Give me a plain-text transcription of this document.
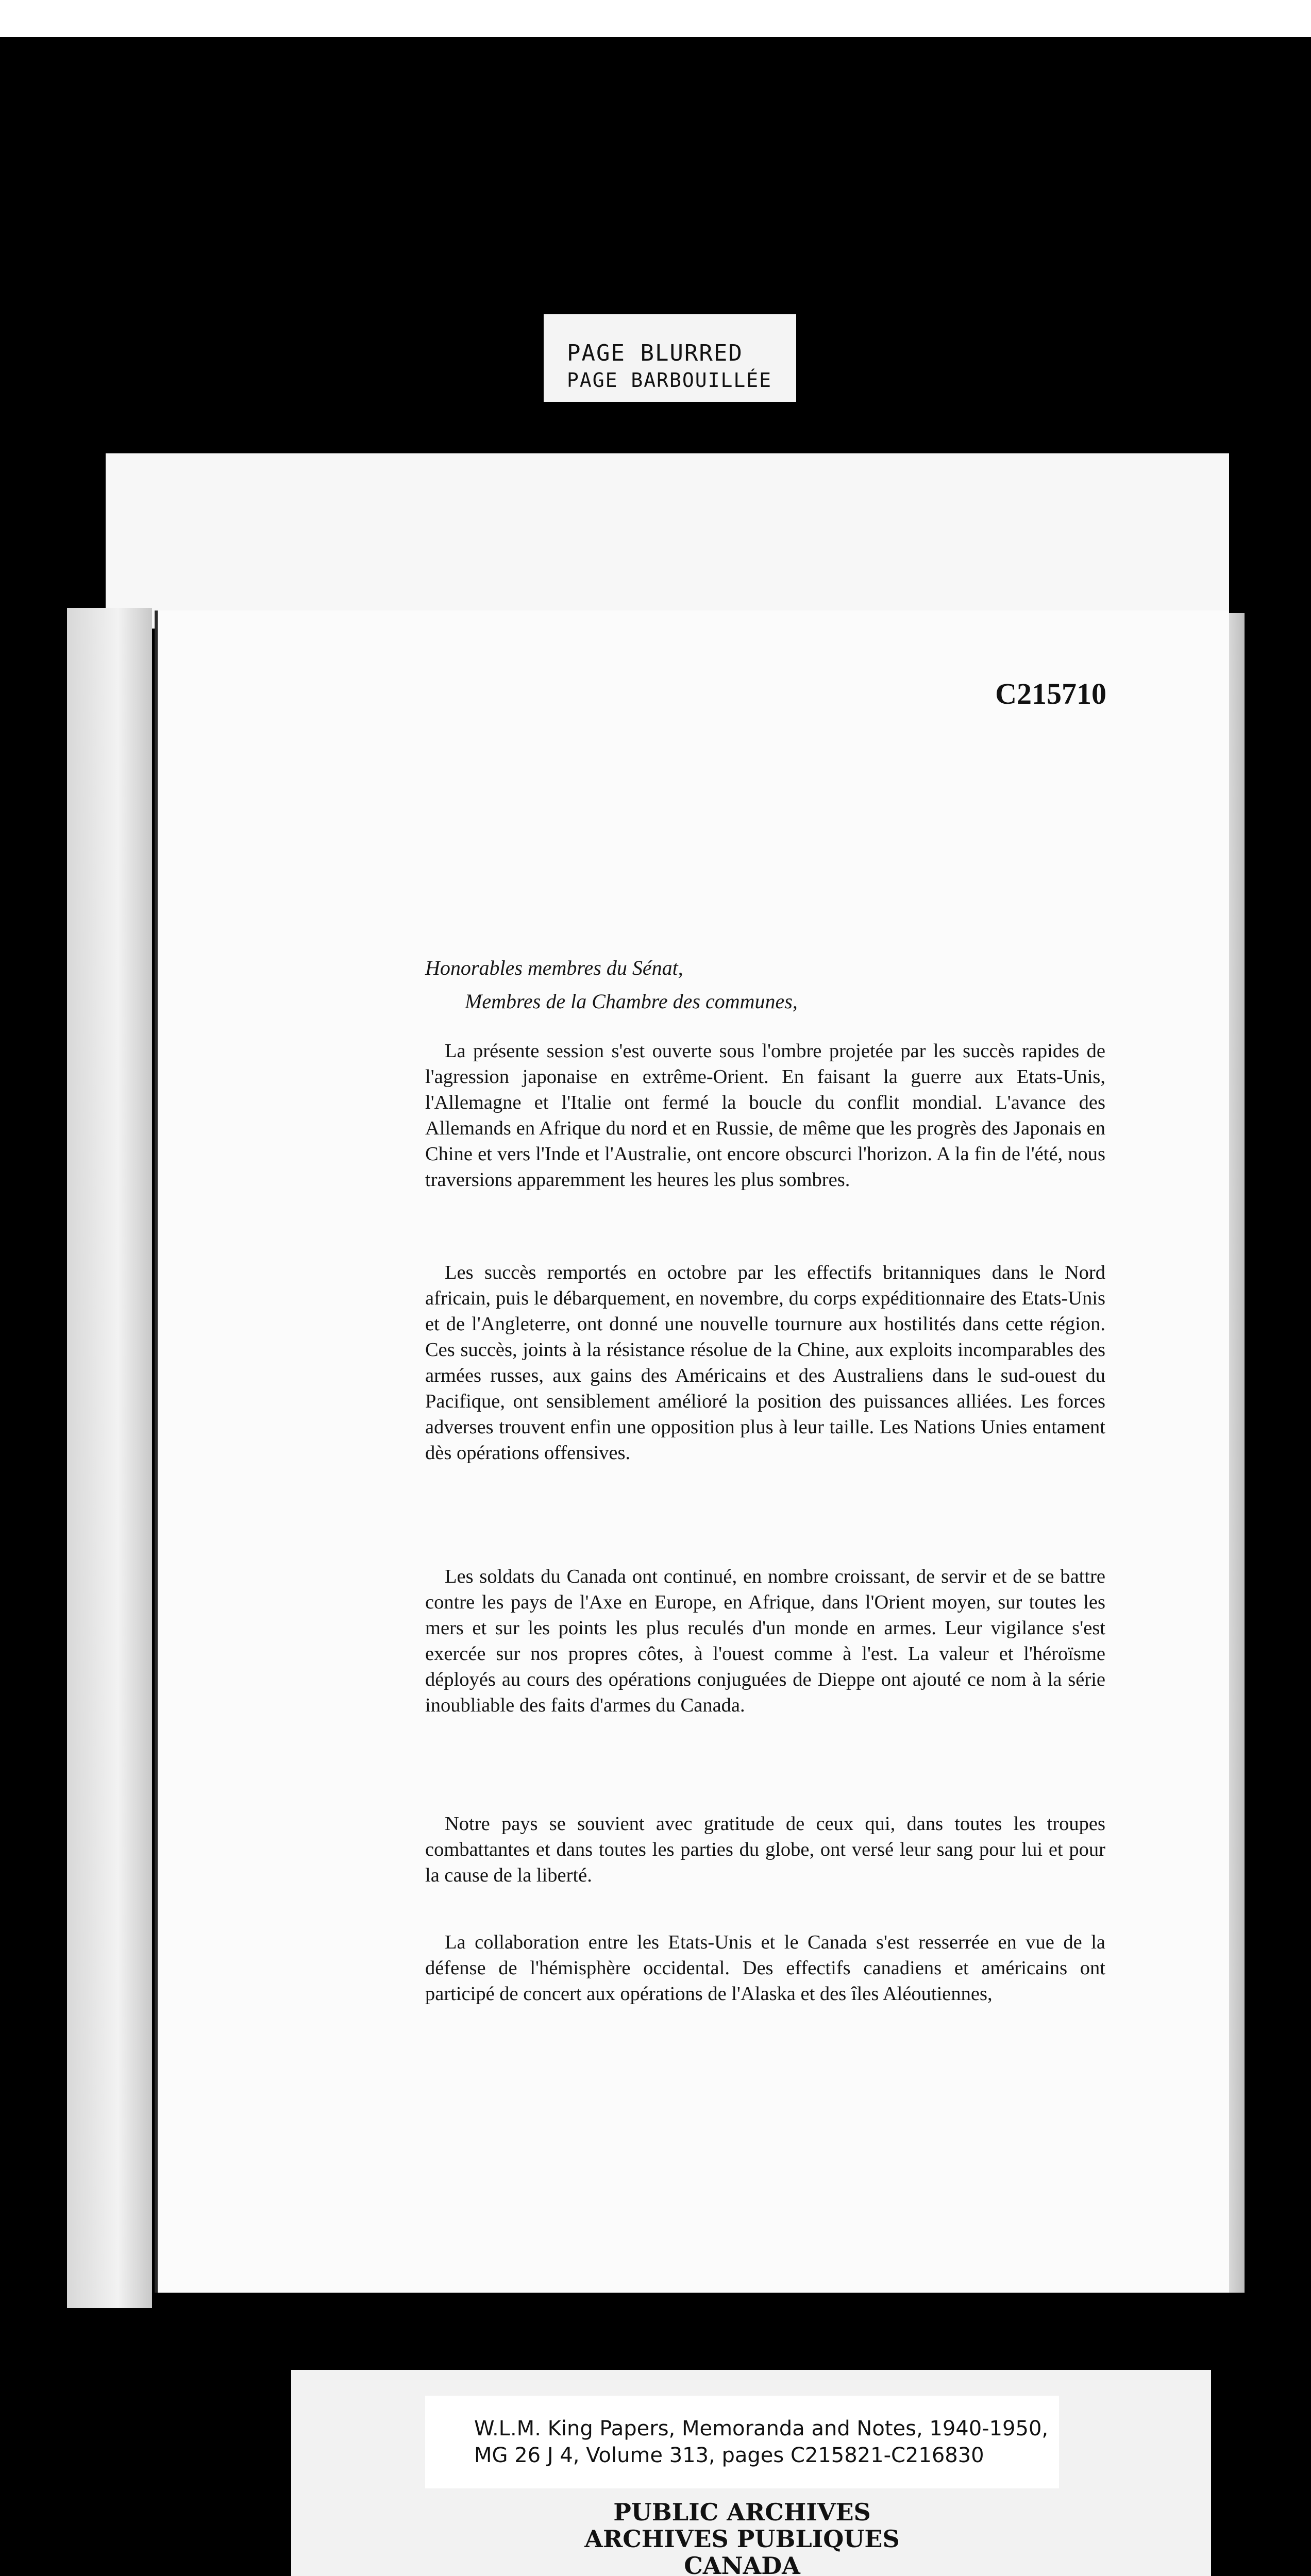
PAGE BLURRED
PAGE BARBOUILLÉE
C215710
Honorables membres du Sénat,
Membres de la Chambre des communes,

La présente session s'est ouverte sous l'ombre projetée par les succès rapides de l'agression japonaise en extrême-Orient. En faisant la guerre aux Etats-Unis, l'Allemagne et l'Italie ont fermé la boucle du conflit mondial. L'avance des Allemands en Afrique du nord et en Russie, de même que les progrès des Japonais en Chine et vers l'Inde et l'Australie, ont encore obscurci l'horizon. A la fin de l'été, nous traversions apparemment les heures les plus sombres.

Les succès remportés en octobre par les effectifs britanniques dans le Nord africain, puis le débarquement, en novembre, du corps expéditionnaire des Etats-Unis et de l'Angleterre, ont donné une nouvelle tournure aux hostilités dans cette région. Ces succès, joints à la résistance résolue de la Chine, aux exploits incomparables des armées russes, aux gains des Américains et des Australiens dans le sud-ouest du Pacifique, ont sensiblement amélioré la position des puissances alliées. Les forces adverses trouvent enfin une opposition plus à leur taille. Les Nations Unies entament dès opérations offensives.

Les soldats du Canada ont continué, en nombre croissant, de servir et de se battre contre les pays de l'Axe en Europe, en Afrique, dans l'Orient moyen, sur toutes les mers et sur les points les plus reculés d'un monde en armes. Leur vigilance s'est exercée sur nos propres côtes, à l'ouest comme à l'est. La valeur et l'héroïsme déployés au cours des opérations conjuguées de Dieppe ont ajouté ce nom à la série inoubliable des faits d'armes du Canada.

Notre pays se souvient avec gratitude de ceux qui, dans toutes les troupes combattantes et dans toutes les parties du globe, ont versé leur sang pour lui et pour la cause de la liberté.

La collaboration entre les Etats-Unis et le Canada s'est resserrée en vue de la défense de l'hémisphère occidental. Des effectifs canadiens et américains ont participé de concert aux opérations de l'Alaska et des îles Aléoutiennes,

W.L.M. King Papers, Memoranda and Notes, 1940-1950,
MG 26 J 4, Volume 313, pages C215821-C216830
PUBLIC ARCHIVES
ARCHIVES PUBLIQUES
CANADA
